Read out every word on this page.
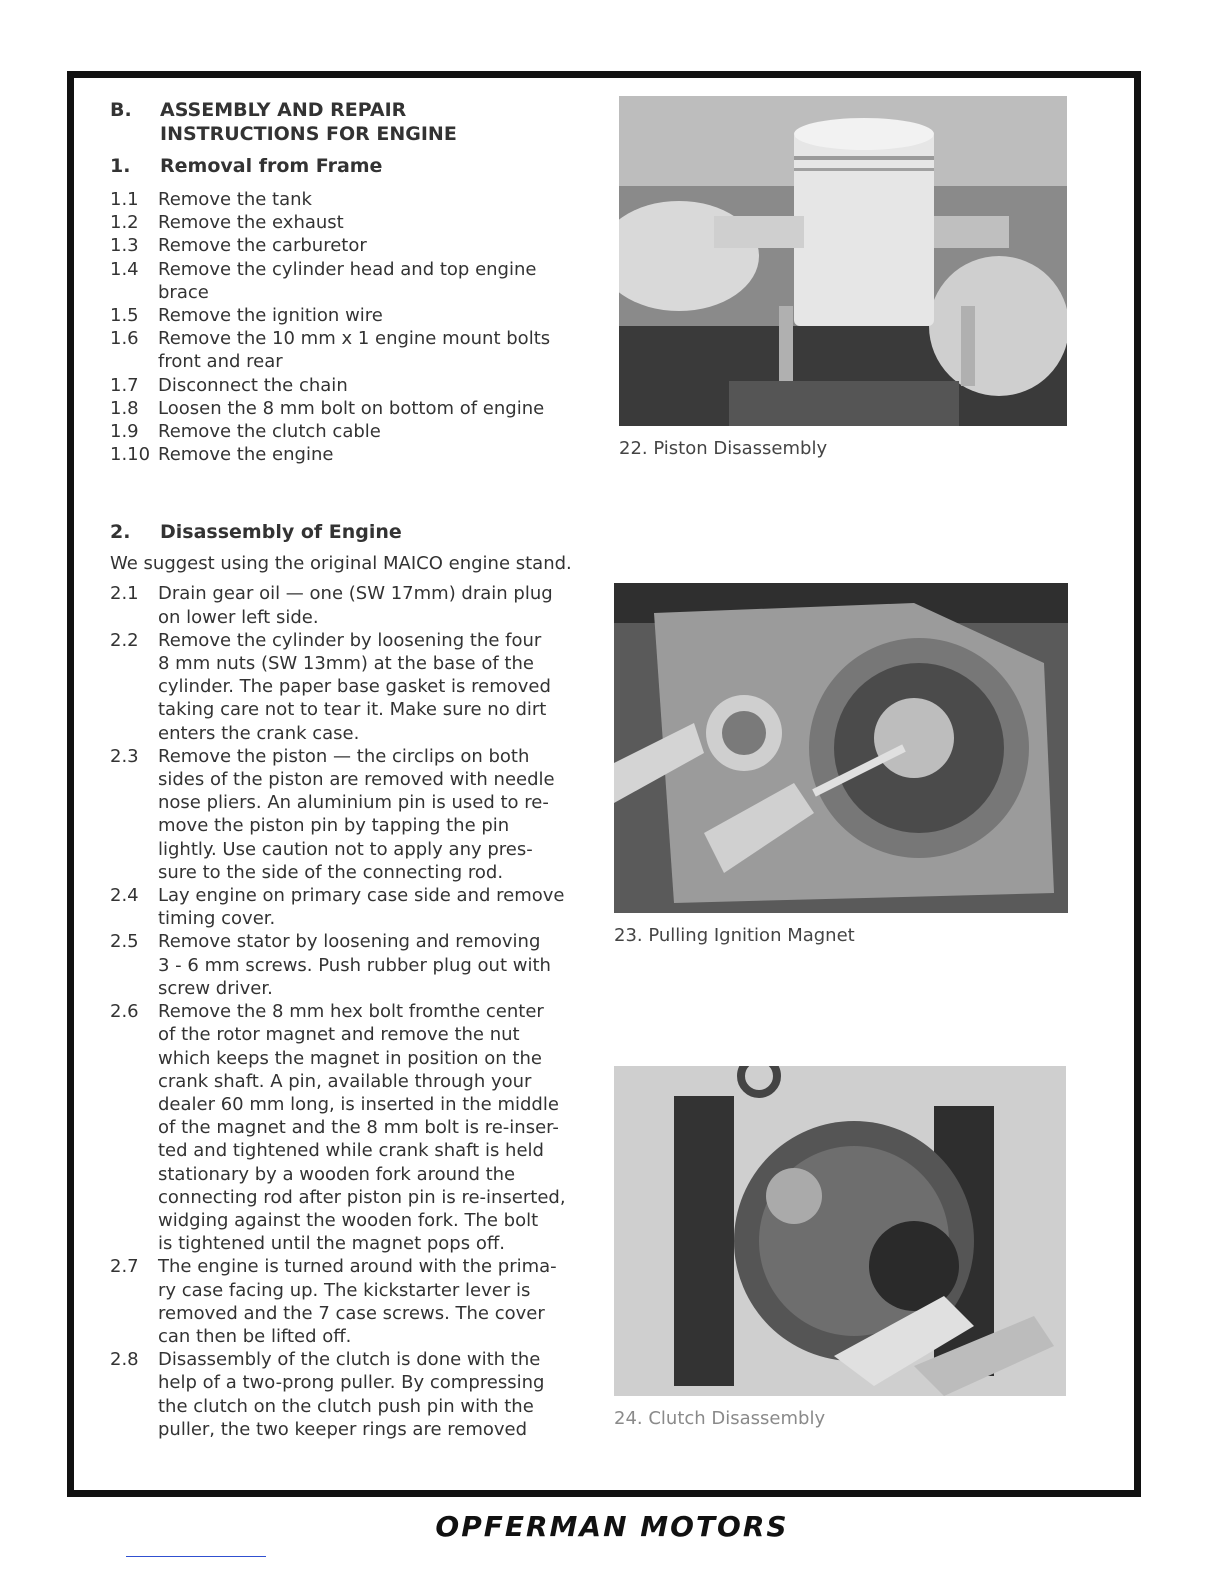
B.	ASSEMBLY AND REPAIR
INSTRUCTIONS FOR ENGINE
1.	Removal from Frame
1.1	Remove the tank
1.2	Remove the exhaust
1.3	Remove the carburetor
1.4	Remove the cylinder head and top engine
brace
1.5	Remove the ignition wire
1.6	Remove the 10 mm x 1 engine mount bolts
front and rear
1.7	Disconnect the chain
1.8	Loosen the 8 mm bolt on bottom of engine
1.9	Remove the clutch cable
1.10 Remove the engine
2.	Disassembly of Engine
We suggest using the original MAICO engine stand.
2.1	Drain gear oil — one (SW 17mm) drain plug
on lower left side.
2.2	Remove the cylinder by loosening the four
8 mm nuts (SW 13mm) at the base of the
cylinder. The paper base gasket is removed
taking care not to tear it. Make sure no dirt
enters the crank case.
2.3	Remove the piston — the circlips on both
sides of the piston are removed with needle
nose pliers. An aluminium pin is used to re-
move the piston pin by tapping the pin
lightly. Use caution not to apply any pres-
sure to the side of the connecting rod.
2.4	Lay engine on primary case side and remove
timing cover.
2.5	Remove stator by loosening and removing
3 - 6 mm screws. Push rubber plug out with
screw driver.
2.6	Remove the 8 mm hex bolt fromthe center
of the rotor magnet and remove the nut
which keeps the magnet in position on the
crank shaft. A pin, available through your
dealer 60 mm long, is inserted in the middle
of the magnet and the 8 mm bolt is re-inser-
ted and tightened while crank shaft is held
stationary by a wooden fork around the
connecting rod after piston pin is re-inserted,
widging against the wooden fork. The bolt
is tightened until the magnet pops off.
2.7	The engine is turned around with the prima-
ry case facing up. The kickstarter lever is
removed and the 7 case screws. The cover
can then be lifted off.
2.8	Disassembly of the clutch is done with the
help of a two-prong puller. By compressing
the clutch on the clutch push pin with the
puller, the two keeper rings are removed
22. Piston Disassembly
23. Pulling Ignition Magnet
24. Clutch Disassembly
OPFERMAN MOTORS
